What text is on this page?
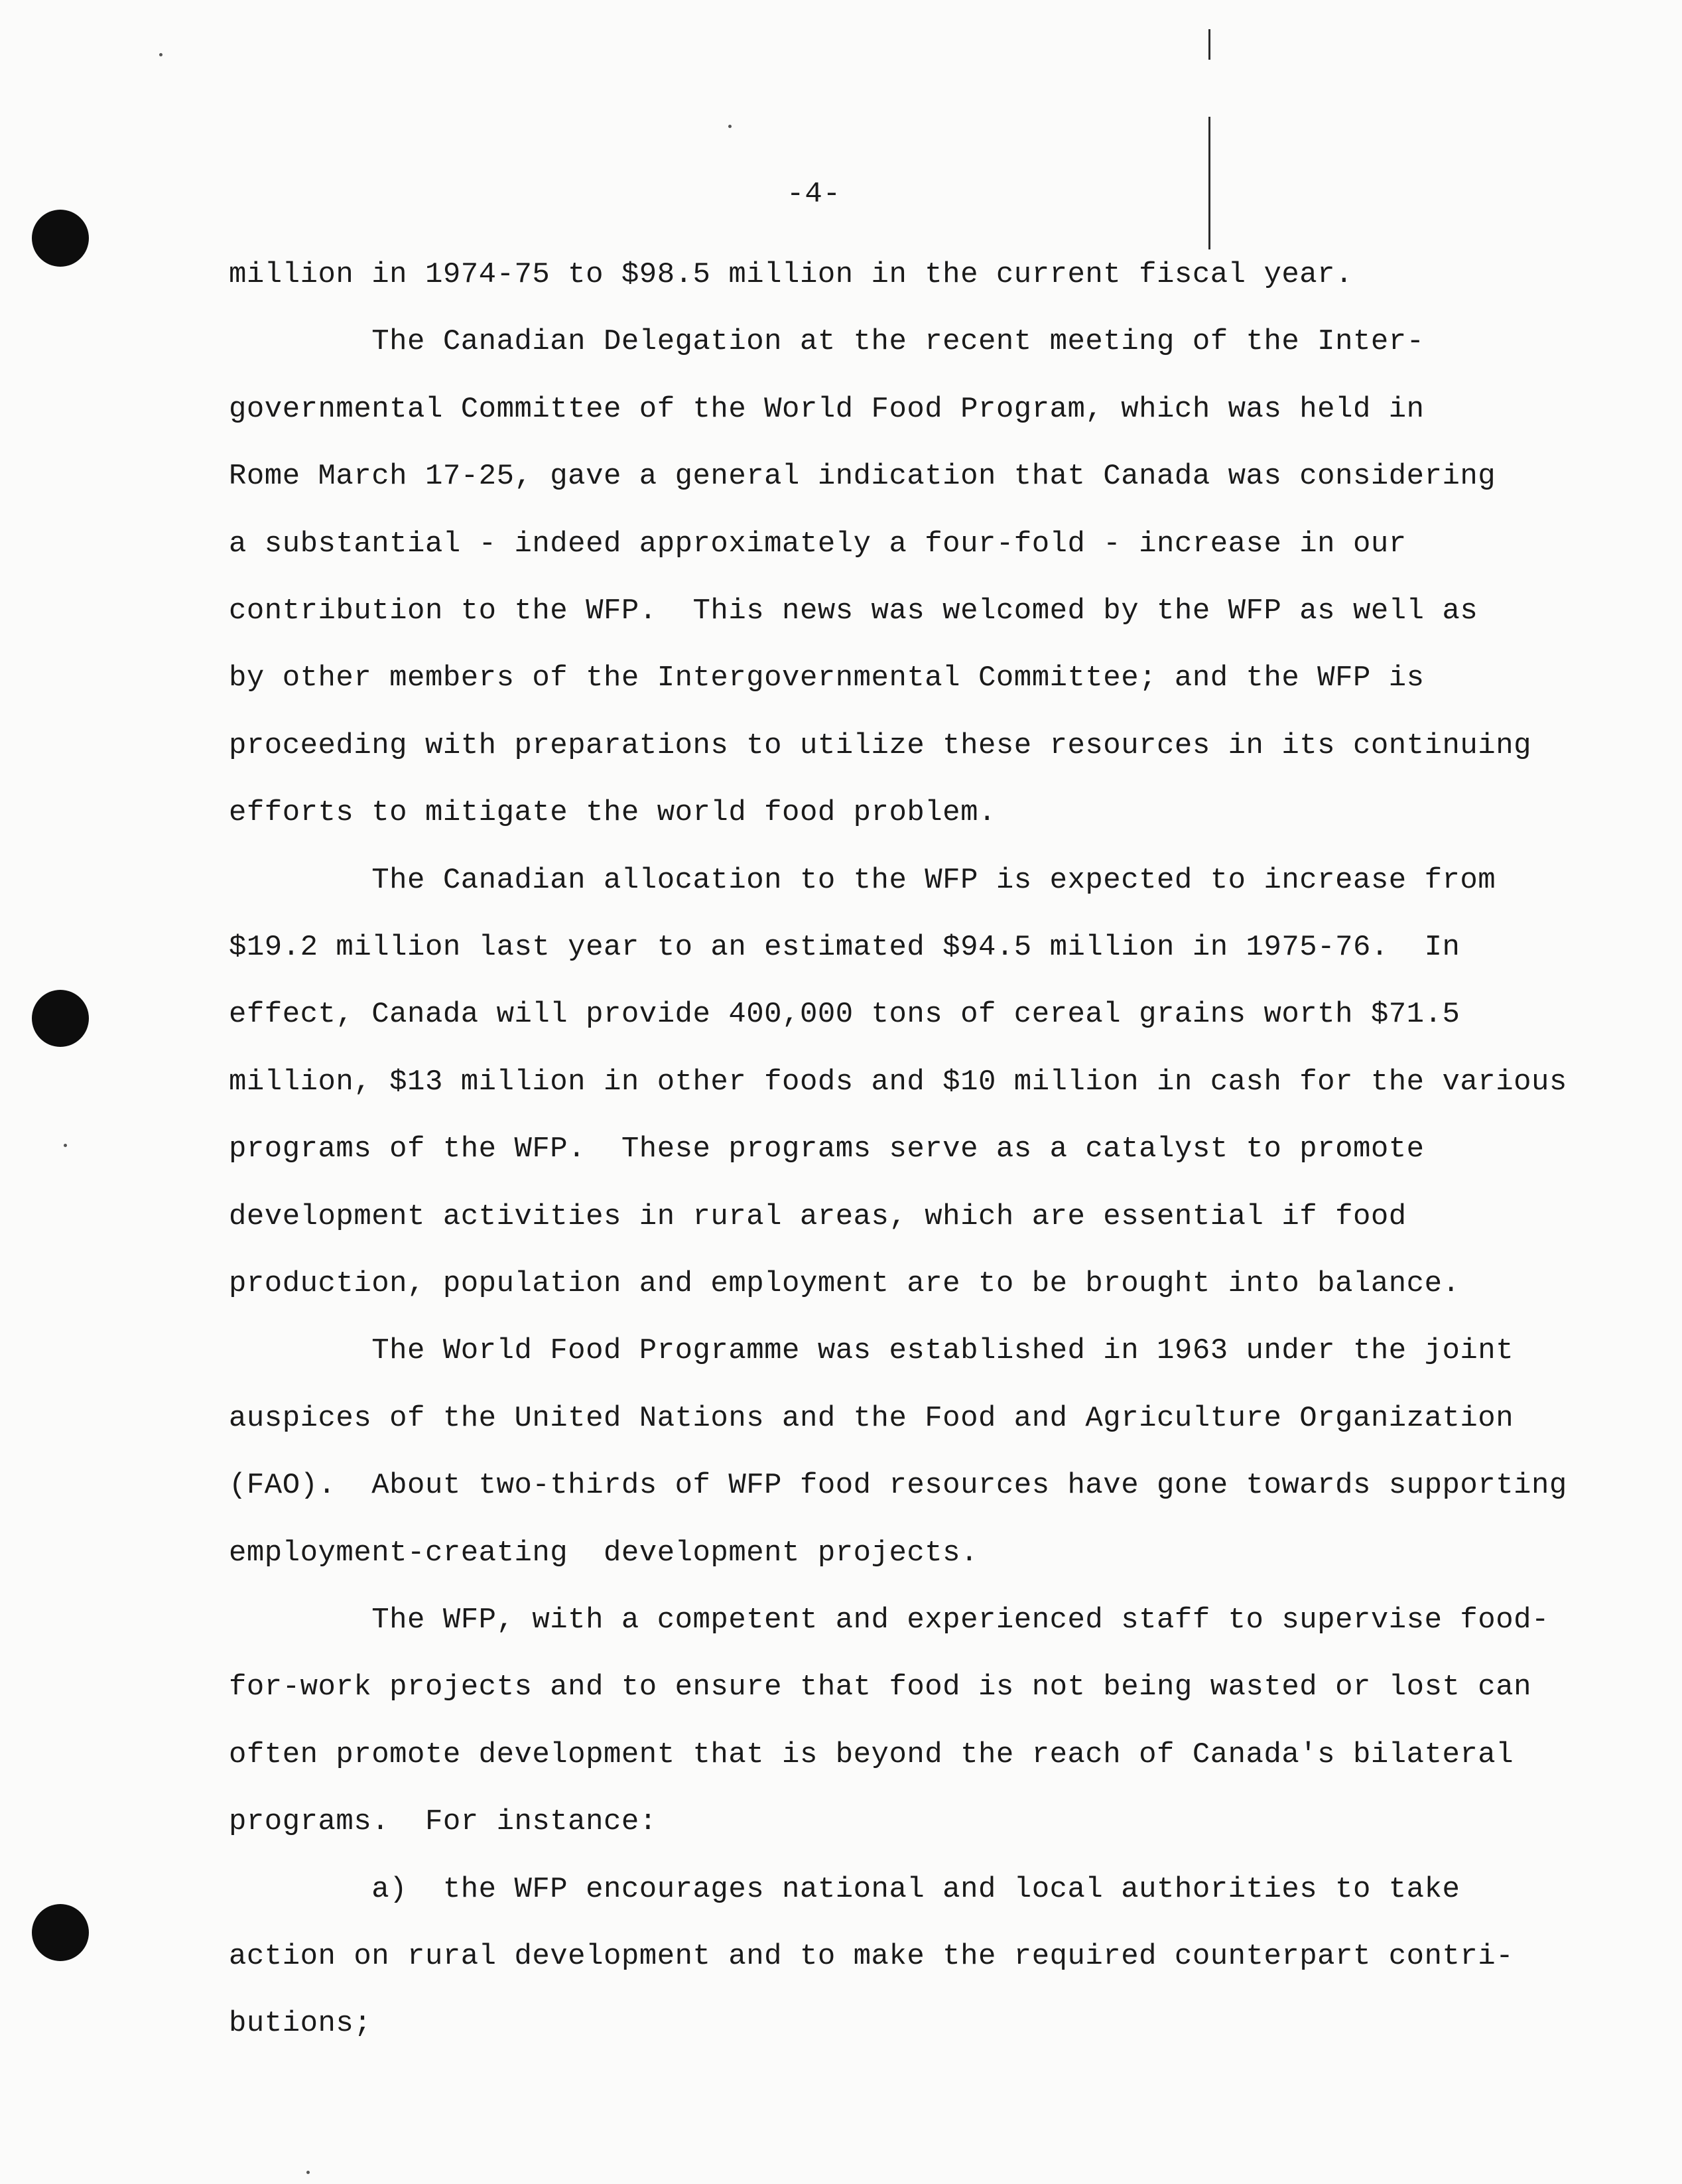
-4-
million in 1974-75 to $98.5 million in the current fiscal year.
The Canadian Delegation at the recent meeting of the Inter-
governmental Committee of the World Food Program, which was held in
Rome March 17-25, gave a general indication that Canada was considering
a substantial - indeed approximately a four-fold - increase in our
contribution to the WFP.  This news was welcomed by the WFP as well as
by other members of the Intergovernmental Committee; and the WFP is
proceeding with preparations to utilize these resources in its continuing
efforts to mitigate the world food problem.
The Canadian allocation to the WFP is expected to increase from
$19.2 million last year to an estimated $94.5 million in 1975-76.  In
effect, Canada will provide 400,000 tons of cereal grains worth $71.5
million, $13 million in other foods and $10 million in cash for the various
programs of the WFP.  These programs serve as a catalyst to promote
development activities in rural areas, which are essential if food
production, population and employment are to be brought into balance.
The World Food Programme was established in 1963 under the joint
auspices of the United Nations and the Food and Agriculture Organization
(FAO).  About two-thirds of WFP food resources have gone towards supporting
employment-creating  development projects.
The WFP, with a competent and experienced staff to supervise food-
for-work projects and to ensure that food is not being wasted or lost can
often promote development that is beyond the reach of Canada's bilateral
programs.  For instance:
a)  the WFP encourages national and local authorities to take
action on rural development and to make the required counterpart contri-
butions;
